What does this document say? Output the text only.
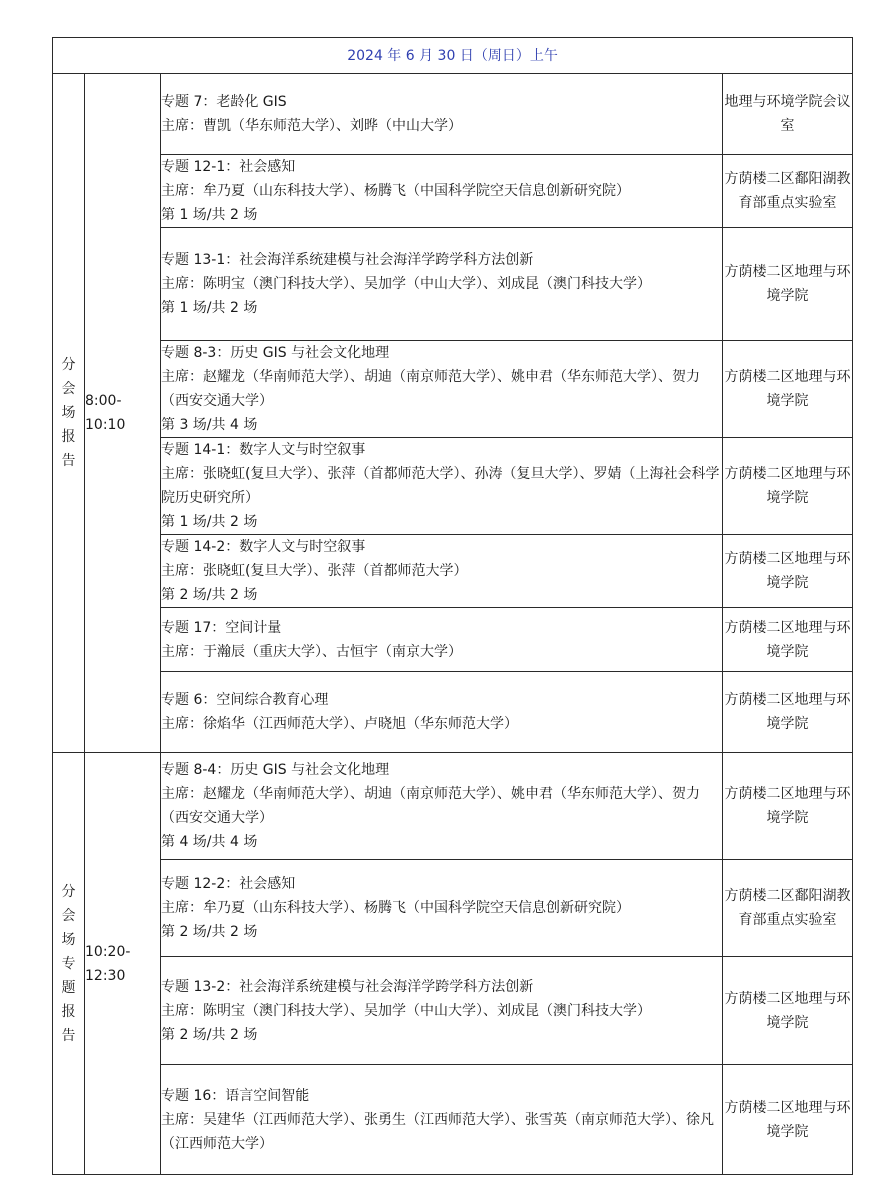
2024 年 6 月 30 日（周日）上午			
分会场报告	8:00-10:10	专题 7：老龄化 GIS
主席：曹凯（华东师范大学）、刘晔（中山大学）	地理与环境学院会议室

		专题 12-1：社会感知
主席：牟乃夏（山东科技大学）、杨腾飞（中国科学院空天信息创新研究院）
第 1 场/共 2 场	方荫楼二区鄱阳湖教育部重点实验室

		专题 13-1：社会海洋系统建模与社会海洋学跨学科方法创新
主席：陈明宝（澳门科技大学）、吴加学（中山大学）、刘成昆（澳门科技大学）
第 1 场/共 2 场	方荫楼二区地理与环境学院

		专题 8-3：历史 GIS 与社会文化地理
主席：赵耀龙（华南师范大学）、胡迪（南京师范大学）、姚申君（华东师范大学）、贺力（西安交通大学）
第 3 场/共 4 场	方荫楼二区地理与环境学院

		专题 14-1：数字人文与时空叙事
主席：张晓虹(复旦大学）、张萍（首都师范大学）、孙涛（复旦大学）、罗婧（上海社会科学院历史研究所）
第 1 场/共 2 场	方荫楼二区地理与环境学院

		专题 14-2：数字人文与时空叙事
主席：张晓虹(复旦大学）、张萍（首都师范大学）
第 2 场/共 2 场	方荫楼二区地理与环境学院

		专题 17：空间计量
主席：于瀚辰（重庆大学）、古恒宇（南京大学）	方荫楼二区地理与环境学院

		专题 6：空间综合教育心理
主席：徐焰华（江西师范大学）、卢晓旭（华东师范大学）	方荫楼二区地理与环境学院
分会场专题报告	10:20-12:30	专题 8-4：历史 GIS 与社会文化地理
主席：赵耀龙（华南师范大学）、胡迪（南京师范大学）、姚申君（华东师范大学）、贺力（西安交通大学）
第 4 场/共 4 场	方荫楼二区地理与环境学院

		专题 12-2：社会感知
主席：牟乃夏（山东科技大学）、杨腾飞（中国科学院空天信息创新研究院）
第 2 场/共 2 场	方荫楼二区鄱阳湖教育部重点实验室

		专题 13-2：社会海洋系统建模与社会海洋学跨学科方法创新
主席：陈明宝（澳门科技大学）、吴加学（中山大学）、刘成昆（澳门科技大学）
第 2 场/共 2 场	方荫楼二区地理与环境学院

		专题 16：语言空间智能
主席：吴建华（江西师范大学）、张勇生（江西师范大学）、张雪英（南京师范大学）、徐凡（江西师范大学）	方荫楼二区地理与环境学院
